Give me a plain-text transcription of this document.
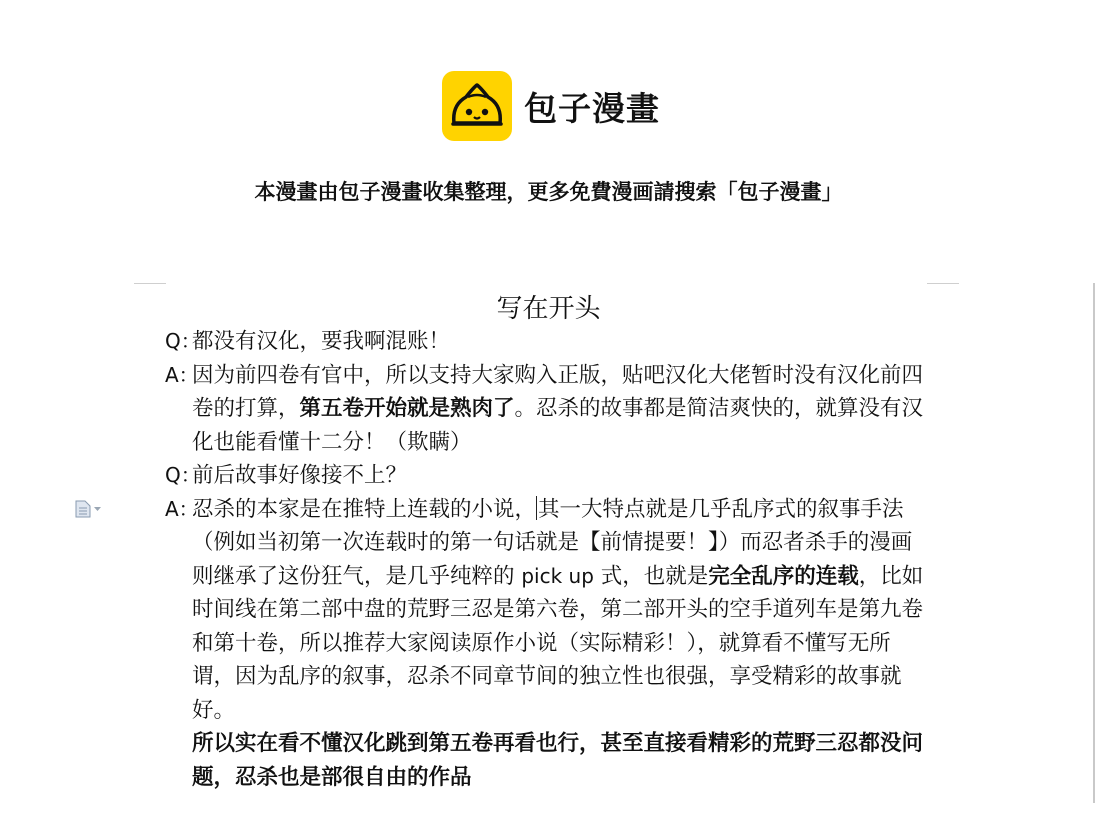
包子漫畫
本漫畫由包子漫畫收集整理，更多免費漫画請搜索「包子漫畫」
写在开头
Q：
都没有汉化，要我啊混账！
A：
因为前四卷有官中，所以支持大家购入正版，贴吧汉化大佬暂时没有汉化前四卷的打算，第五卷开始就是熟肉了。忍杀的故事都是简洁爽快的，就算没有汉化也能看懂十二分！（欺瞒）
Q：
前后故事好像接不上？
A：
忍杀的本家是在推特上连载的小说，其一大特点就是几乎乱序式的叙事手法（例如当初第一次连载时的第一句话就是【前情提要！】）而忍者杀手的漫画则继承了这份狂气，是几乎纯粹的 pick up 式，也就是完全乱序的连载，比如时间线在第二部中盘的荒野三忍是第六卷，第二部开头的空手道列车是第九卷和第十卷，所以推荐大家阅读原作小说（实际精彩！），就算看不懂写无所谓，因为乱序的叙事，忍杀不同章节间的独立性也很强，享受精彩的故事就好。
所以实在看不懂汉化跳到第五卷再看也行，甚至直接看精彩的荒野三忍都没问题，忍杀也是部很自由的作品
